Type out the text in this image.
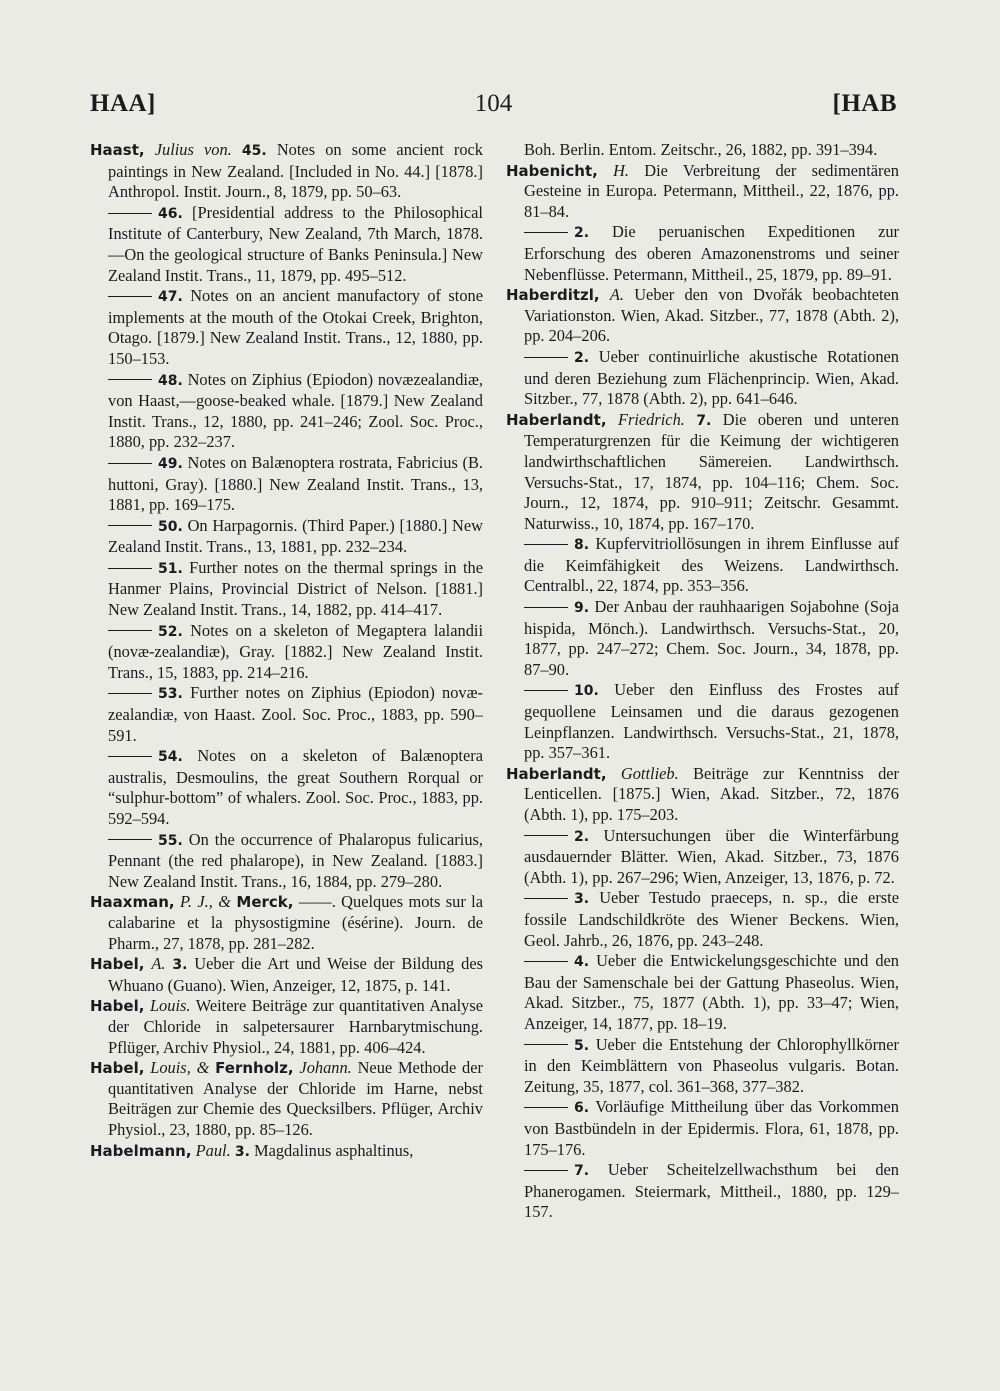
HAA]	104	[HAB

Haast, Julius von. 45. Notes on some ancient rock paintings in New Zealand. [Included in No. 44.] [1878.] Anthropol. Instit. Journ., 8, 1879, pp. 50–63.

46. [Presidential address to the Philosophical Institute of Canterbury, New Zealand, 7th March, 1878.—On the geological structure of Banks Peninsula.] New Zealand Instit. Trans., 11, 1879, pp. 495–512.

47. Notes on an ancient manufactory of stone implements at the mouth of the Otokai Creek, Brighton, Otago. [1879.] New Zealand Instit. Trans., 12, 1880, pp. 150–153.

48. Notes on Ziphius (Epiodon) novæzealandiæ, von Haast,—goose-beaked whale. [1879.] New Zealand Instit. Trans., 12, 1880, pp. 241–246; Zool. Soc. Proc., 1880, pp. 232–237.

49. Notes on Balænoptera rostrata, Fabricius (B. huttoni, Gray). [1880.] New Zealand Instit. Trans., 13, 1881, pp. 169–175.

50. On Harpagornis. (Third Paper.) [1880.] New Zealand Instit. Trans., 13, 1881, pp. 232–234.

51. Further notes on the thermal springs in the Hanmer Plains, Provincial District of Nelson. [1881.] New Zealand Instit. Trans., 14, 1882, pp. 414–417.

52. Notes on a skeleton of Megaptera lalandii (novæ-zealandiæ), Gray. [1882.] New Zealand Instit. Trans., 15, 1883, pp. 214–216.

53. Further notes on Ziphius (Epiodon) novæ-zealandiæ, von Haast. Zool. Soc. Proc., 1883, pp. 590–591.

54. Notes on a skeleton of Balænoptera australis, Desmoulins, the great Southern Rorqual or “sulphur-bottom” of whalers. Zool. Soc. Proc., 1883, pp. 592–594.

55. On the occurrence of Phalaropus fulicarius, Pennant (the red phalarope), in New Zealand. [1883.] New Zealand Instit. Trans., 16, 1884, pp. 279–280.

Haaxman, P. J., & Merck, ——. Quelques mots sur la calabarine et la physostigmine (ésérine). Journ. de Pharm., 27, 1878, pp. 281–282.

Habel, A. 3. Ueber die Art und Weise der Bildung des Whuano (Guano). Wien, Anzeiger, 12, 1875, p. 141.

Habel, Louis. Weitere Beiträge zur quantitativen Analyse der Chloride in salpetersaurer Harnbarytmischung. Pflüger, Archiv Physiol., 24, 1881, pp. 406–424.

Habel, Louis, & Fernholz, Johann. Neue Methode der quantitativen Analyse der Chloride im Harne, nebst Beiträgen zur Chemie des Quecksilbers. Pflüger, Archiv Physiol., 23, 1880, pp. 85–126.

Habelmann, Paul. 3. Magdalinus asphaltinus,

Boh. Berlin. Entom. Zeitschr., 26, 1882, pp. 391–394.

Habenicht, H. Die Verbreitung der sedimentären Gesteine in Europa. Petermann, Mittheil., 22, 1876, pp. 81–84.

2. Die peruanischen Expeditionen zur Erforschung des oberen Amazonenstroms und seiner Nebenflüsse. Petermann, Mittheil., 25, 1879, pp. 89–91.

Haberditzl, A. Ueber den von Dvořák beobachteten Variationston. Wien, Akad. Sitzber., 77, 1878 (Abth. 2), pp. 204–206.

2. Ueber continuirliche akustische Rotationen und deren Beziehung zum Flächenprincip. Wien, Akad. Sitzber., 77, 1878 (Abth. 2), pp. 641–646.

Haberlandt, Friedrich. 7. Die oberen und unteren Temperaturgrenzen für die Keimung der wichtigeren landwirthschaftlichen Sämereien. Landwirthsch. Versuchs-Stat., 17, 1874, pp. 104–116; Chem. Soc. Journ., 12, 1874, pp. 910–911; Zeitschr. Gesammt. Naturwiss., 10, 1874, pp. 167–170.

8. Kupfervitriollösungen in ihrem Einflusse auf die Keimfähigkeit des Weizens. Landwirthsch. Centralbl., 22, 1874, pp. 353–356.

9. Der Anbau der rauhhaarigen Sojabohne (Soja hispida, Mönch.). Landwirthsch. Versuchs-Stat., 20, 1877, pp. 247–272; Chem. Soc. Journ., 34, 1878, pp. 87–90.

10. Ueber den Einfluss des Frostes auf gequollene Leinsamen und die daraus gezogenen Leinpflanzen. Landwirthsch. Versuchs-Stat., 21, 1878, pp. 357–361.

Haberlandt, Gottlieb. Beiträge zur Kenntniss der Lenticellen. [1875.] Wien, Akad. Sitzber., 72, 1876 (Abth. 1), pp. 175–203.

2. Untersuchungen über die Winterfärbung ausdauernder Blätter. Wien, Akad. Sitzber., 73, 1876 (Abth. 1), pp. 267–296; Wien, Anzeiger, 13, 1876, p. 72.

3. Ueber Testudo praeceps, n. sp., die erste fossile Landschildkröte des Wiener Beckens. Wien, Geol. Jahrb., 26, 1876, pp. 243–248.

4. Ueber die Entwickelungsgeschichte und den Bau der Samenschale bei der Gattung Phaseolus. Wien, Akad. Sitzber., 75, 1877 (Abth. 1), pp. 33–47; Wien, Anzeiger, 14, 1877, pp. 18–19.

5. Ueber die Entstehung der Chlorophyllkörner in den Keimblättern von Phaseolus vulgaris. Botan. Zeitung, 35, 1877, col. 361–368, 377–382.

6. Vorläufige Mittheilung über das Vorkommen von Bastbündeln in der Epidermis. Flora, 61, 1878, pp. 175–176.

7. Ueber Scheitelzellwachsthum bei den Phanerogamen. Steiermark, Mittheil., 1880, pp. 129–157.
